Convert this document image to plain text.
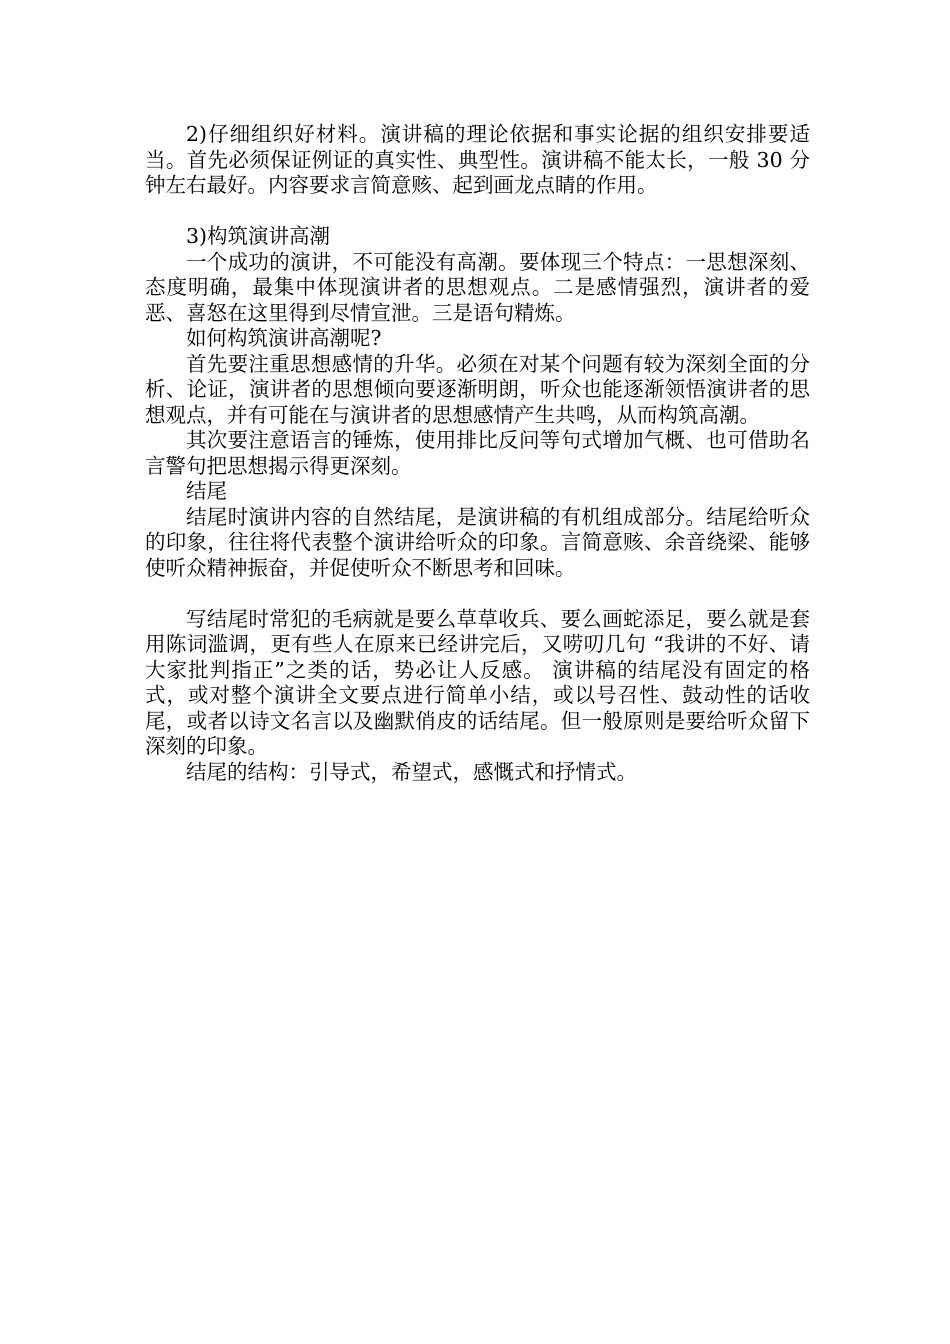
2)仔细组织好材料。演讲稿的理论依据和事实论据的组织安排要适当。首先必须保证例证的真实性、典型性。演讲稿不能太长，一般 30 分钟左右最好。内容要求言简意赅、起到画龙点睛的作用。

3)构筑演讲高潮

一个成功的演讲，不可能没有高潮。要体现三个特点：一思想深刻、态度明确，最集中体现演讲者的思想观点。二是感情强烈，演讲者的爱恶、喜怒在这里得到尽情宣泄。三是语句精炼。

如何构筑演讲高潮呢?

首先要注重思想感情的升华。必须在对某个问题有较为深刻全面的分析、论证，演讲者的思想倾向要逐渐明朗，听众也能逐渐领悟演讲者的思想观点，并有可能在与演讲者的思想感情产生共鸣，从而构筑高潮。

其次要注意语言的锤炼，使用排比反问等句式增加气概、也可借助名言警句把思想揭示得更深刻。

结尾

结尾时演讲内容的自然结尾，是演讲稿的有机组成部分。结尾给听众的印象，往往将代表整个演讲给听众的印象。言简意赅、余音绕梁、能够使听众精神振奋，并促使听众不断思考和回味。

写结尾时常犯的毛病就是要么草草收兵、要么画蛇添足，要么就是套用陈词滥调，更有些人在原来已经讲完后，又唠叨几句 “我讲的不好、请大家批判指正”之类的话，势必让人反感。 演讲稿的结尾没有固定的格式，或对整个演讲全文要点进行简单小结，或以号召性、鼓动性的话收尾，或者以诗文名言以及幽默俏皮的话结尾。但一般原则是要给听众留下深刻的印象。

结尾的结构：引导式，希望式，感慨式和抒情式。
